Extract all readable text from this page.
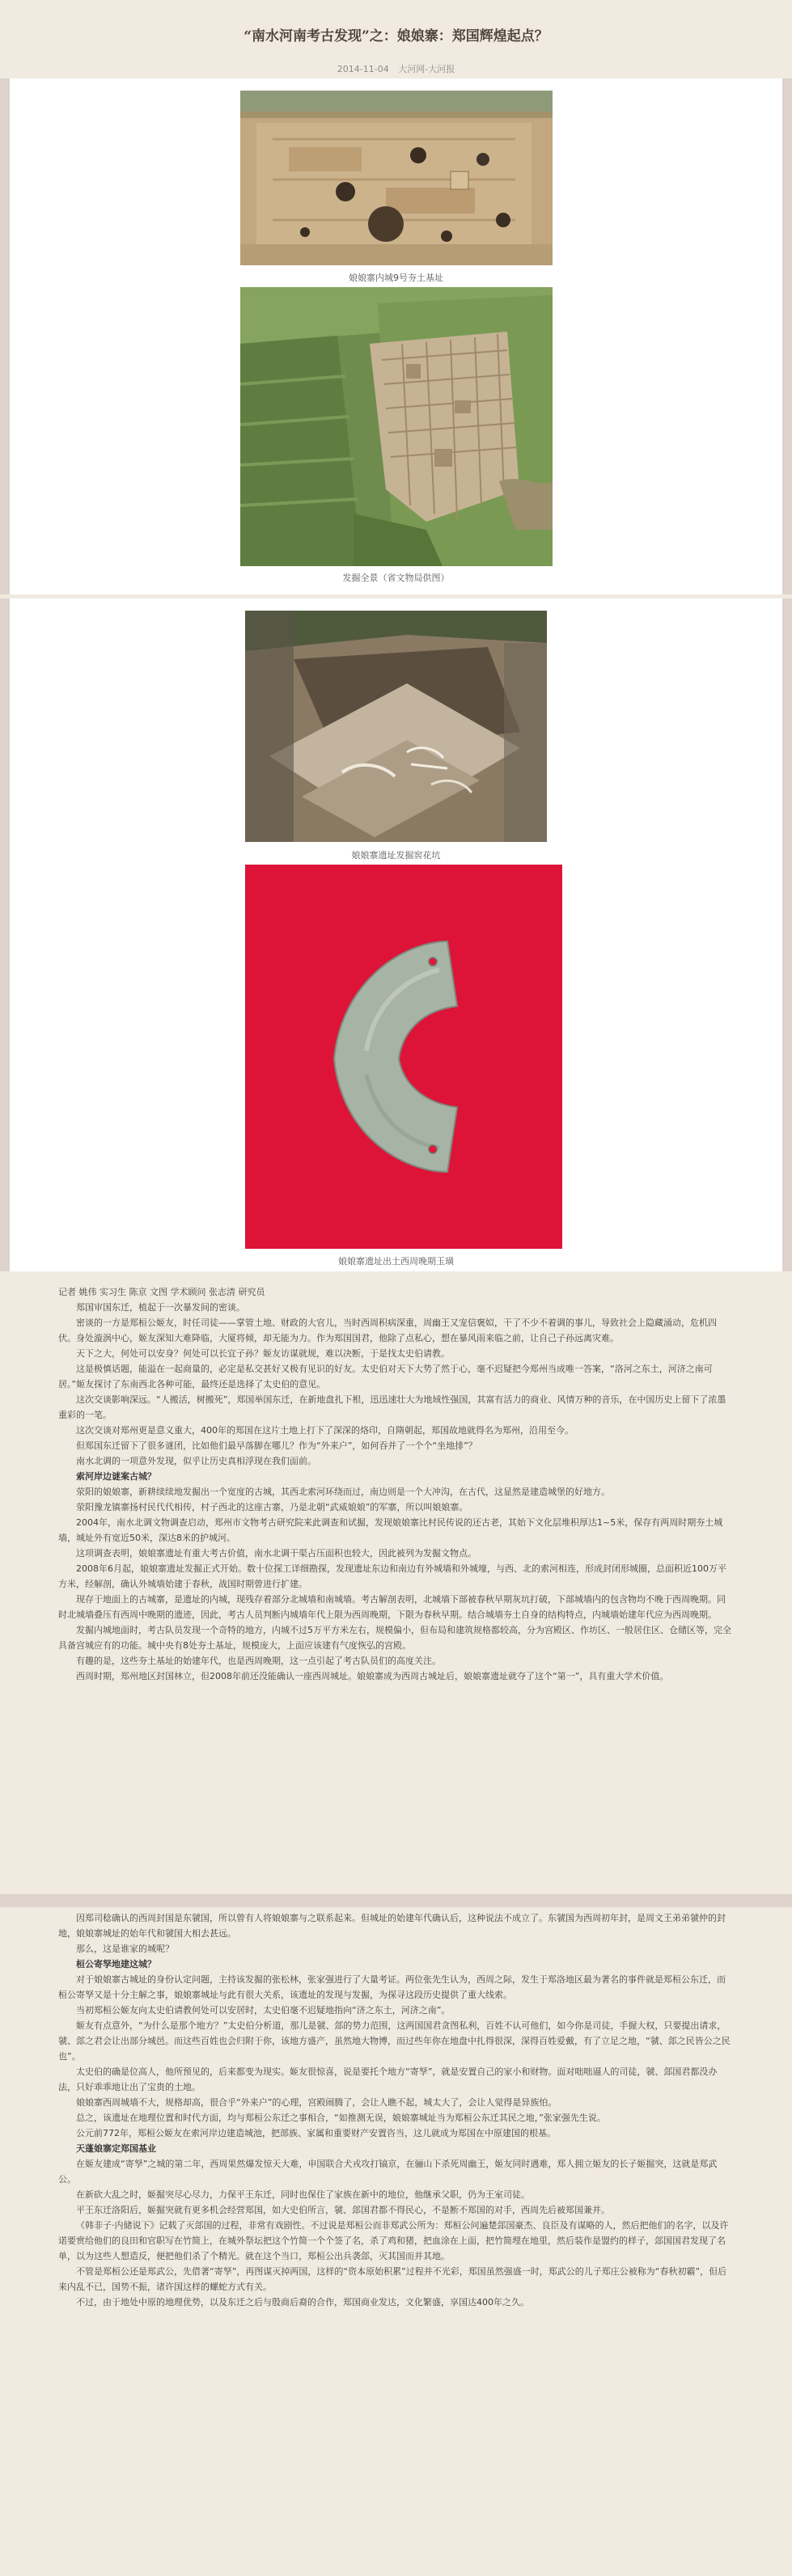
“南水河南考古发现”之：娘娘寨：郑国辉煌起点？
2014-11-04 大河网-大河报
娘娘寨内城9号夯土基址
发掘全景（省文物局供图）
娘娘寨遗址发掘窖花坑
娘娘寨遗址出土西周晚期玉璜

记者 姚伟 实习生 陈京 文图 学术顾问 张志清 研究员

郑国审国东迁，植起于一次暴发间的密谈。

密谈的一方是郑桓公姬友，时任司徒——掌管土地、财政的大官儿，当时西周积病深重，周幽王又宠信褒姒，干了不少不着调的事儿，导致社会上隐藏涌动，危机四伏。身处漩涡中心，姬友深知大难降临，大厦将倾，却无能为力。作为郑国国君，他除了点私心，想在暴风雨来临之前，让自己子孙远离灾难。

天下之大，何处可以安身？何处可以长宜子孙？姬友访谋就规，难以决断，于是找太史伯请教。

这是极慎话题，能溢在一起商量的，必定是私交甚好又极有见识的好友。太史伯对天下大势了然于心，毫不迟疑把今郑州当成唯一答案，“洛河之东土，河济之南可居。”姬友探讨了东南西北各种可能，最终还是选择了太史伯的意见。

这次交谈影响深远。“人搬活，树搬死”，郑国举国东迁，在新地盘扎下根，迅迅速壮大为地域性强国，其富有活力的商业、风情万种的音乐，在中国历史上留下了浓墨重彩的一笔。

这次交谈对郑州更是意义重大，400年的郑国在这片土地上打下了深深的烙印，自隋朝起，郑国故地就得名为郑州，沿用至今。

但郑国东迁留下了很多谜团，比如他们最早落脚在哪儿？作为“外来户”，如何吞并了一个个“坐地排”？

南水北调的一项意外发现，似乎让历史真相浮现在我们面前。

索河岸边谜案古城？

荥阳的娘娘寨，新耕续续地发掘出一个宽度的古城，其西北索河环绕而过，南边则是一个大冲沟，在古代，这显然是建造城堡的好地方。

荥阳豫龙镇寨扬村民代代相传，村子西北的这座古寨，乃是北朝“武威娘娘”的军寨，所以叫娘娘寨。

2004年，南水北调文物调查启动，郑州市文物考古研究院来此调查和试掘，发现娘娘寨比村民传说的还古老，其始下文化层堆积厚达1~5米，保存有两周时期夯土城墙，城址外有宽近50米，深达8米的护城河。

这项调查表明，娘娘寨遗址有重大考古价值，南水北调干渠占压面积也较大，因此被列为发掘文物点。

2008年6月起，娘娘寨遗址发掘正式开始。数十位探工详细勘探，发现遗址东边和南边有外城墙和外城壕，与西、北的索河相连，形成封闭形城圈，总面积近100万平方米，经解剖，确认外城墙始建于春秋，战国时期曾进行扩建。

现存于地面上的古城寨，是遗址的内城，现残存着部分北城墙和南城墙。考古解剖表明，北城墙下部被春秋早期灰坑打破，下部城墙内的包含物均不晚于西周晚期。同时北城墙叠压有西周中晚期的遗迹，因此，考古人员判断内城墙年代上限为西周晚期，下限为春秋早期。结合城墙夯土自身的结构特点，内城墙始建年代应为西周晚期。

发掘内城地面时，考古队员发现一个奇特的地方，内城不过5万平方米左右，规模偏小，但布局和建筑规格都较高，分为宫殿区、作坊区、一般居住区、仓储区等，完全具备宫城应有的功能。城中央有8处夯土基址，规模庞大，上面应该建有气度恢弘的宫殿。

有趣的是，这些夯土基址的始建年代，也是西周晚期，这一点引起了考古队员们的高度关注。

西周时期，郑州地区封国林立，但2008年前还没能确认一座西周城址。娘娘寨成为西周古城址后，娘娘寨遗址就夺了这个“第一”，具有重大学术价值。

因郑司稔确认的西周封国是东虢国，所以曾有人将娘娘寨与之联系起来。但城址的始建年代确认后，这种说法不成立了。东虢国为西周初年封，是周文王弟弟虢仲的封地，娘娘寨城址的始年代和虢国大相去甚远。

那么，这是谁家的城呢？

桓公寄孥地建这城？

对于娘娘寨古城址的身份认定问题，主持该发掘的张松林，张家强进行了大量考证。两位张先生认为，西周之际，发生于郑洛地区最为著名的事件就是郑桓公东迁，而桓公寄孥又是十分主解之事，娘娘寨城址与此有很大关系，该遗址的发现与发掘，为探寻这段历史提供了重大线索。

当初郑桓公姬友向太史伯请教何处可以安居时，太史伯毫不迟疑地指向“济之东土，河济之南”。

姬友有点意外，“为什么是那个地方？”太史伯分析道，那儿是虢、郐的势力范围，这两国国君贪图私利，百姓不认可他们，如今你是司徒，手握大权，只要提出请求，虢、郐之君会让出部分城邑。而这些百姓也会归附于你，该地方盛产，虽然地大物博，而过些年你在地盘中扎得很深，深得百姓爱戴，有了立足之地，“虢、郐之民皆公之民也”。

太史伯的确是位高人，他所预见的，后来都变为现实。姬友很惊喜，说是要托个地方“寄孥”，就是安置自己的家小和财物。面对咄咄逼人的司徒，虢、郐国君都没办法，只好乖乖地让出了宝贵的土地。

娘娘寨西周城墙不大，规格却高，很合乎“外来户”的心理，宫殿闹腾了，会让人瞧不起，城太大了，会让人觉得是异族怕。

总之，该遗址在地理位置和时代方面，均与郑桓公东迁之事相合，“如推测无误，娘娘寨城址当为郑桓公东迁其民之地，”张家强先生说。

公元前772年，郑桓公姬友在索河岸边建造城池，把部族、家属和重要财产安置咨当，这儿就成为郑国在中原建国的根基。

天蓬娘寨定郑国基业

在姬友建成“寄孥”之城的第二年，西周果然爆发惊天大难，申国联合犬戎攻打镐京，在骊山下杀死周幽王，姬友同时遇难，郑人拥立姬友的长子姬掘突，这就是郑武公。

在新砍大乱之时，姬掘突尽心尽力，力保平王东迁，同时也保住了家族在新中的地位，他继承父职，仍为王室司徒。

平王东迁洛阳后，姬掘突就有更多机会经营郑国，如大史伯所言，虢、郐国君都不得民心，不是断不郑国的对手，西周先后被郑国兼并。

《韩非子·内储说下》记载了灭郐国的过程，非常有戏剧性。不过说是郑桓公而非郑武公所为：郑桓公问遍楚郐国豪杰、良臣及有谋略的人，然后把他们的名字，以及许诺要赏给他们的良田和官职写在竹简上，在城外祭坛把这个竹简一个个签了名，杀了鸡和猪，把血涂在上面，把竹简埋在地里，然后装作是盟约的样子，郐国国君发现了名单，以为这些人想造反，便把他们杀了个精光。就在这个当口，郑桓公出兵袭郐，灭其国而并其地。

不管是郑桓公还是郑武公，先借著“寄孥”，再图谋灭掉两国，这样的“资本原始积累”过程并不光彩，郑国虽然强盛一时，郑武公的儿子郑庄公被称为“春秋初霸”，但后来内乱不已，国势不振，诸许国这样的螺蛇方式有关。

不过，由于地处中原的地理优势，以及东迁之后与殷商后裔的合作，郑国商业发达，文化繁盛，享国达400年之久。
